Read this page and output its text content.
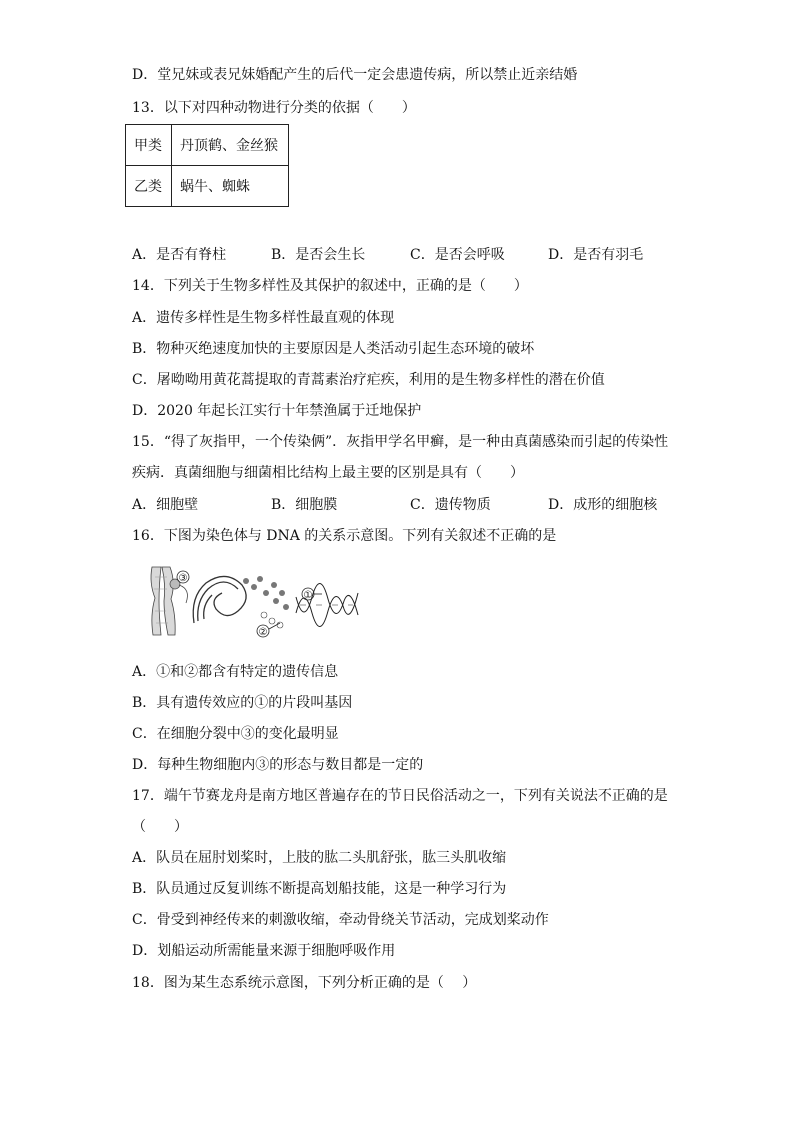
D．堂兄妹或表兄妹婚配产生的后代一定会患遗传病，所以禁止近亲结婚
13．以下对四种动物进行分类的依据（　　）
甲类	丹顶鹤、金丝猴
乙类	蜗牛、蜘蛛
A．是否有脊柱	B．是否会生长	C．是否会呼吸	D．是否有羽毛
14．下列关于生物多样性及其保护的叙述中，正确的是（　　）
A．遗传多样性是生物多样性最直观的体现
B．物种灭绝速度加快的主要原因是人类活动引起生态环境的破坏
C．屠呦呦用黄花蒿提取的青蒿素治疗疟疾，利用的是生物多样性的潜在价值
D．2020 年起长江实行十年禁渔属于迁地保护
15．“得了灰指甲，一个传染俩”．灰指甲学名甲癣，是一种由真菌感染而引起的传染性
疾病．真菌细胞与细菌相比结构上最主要的区别是具有（　　）
A．细胞壁	B．细胞膜	C．遗传物质	D．成形的细胞核
16．下图为染色体与 DNA 的关系示意图。下列有关叙述不正确的是
③
①
②
A．①和②都含有特定的遗传信息
B．具有遗传效应的①的片段叫基因
C．在细胞分裂中③的变化最明显
D．每种生物细胞内③的形态与数目都是一定的
17．端午节赛龙舟是南方地区普遍存在的节日民俗活动之一，下列有关说法不正确的是
（　　）
A．队员在屈肘划桨时，上肢的肱二头肌舒张，肱三头肌收缩
B．队员通过反复训练不断提高划船技能，这是一种学习行为
C．骨受到神经传来的刺激收缩，牵动骨绕关节活动，完成划桨动作
D．划船运动所需能量来源于细胞呼吸作用
18．图为某生态系统示意图，下列分析正确的是（　 ）
